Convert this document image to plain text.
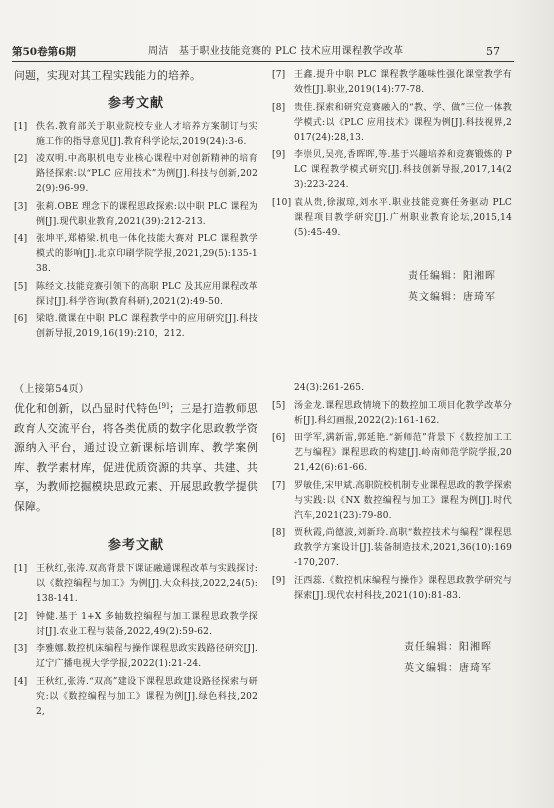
第50卷第6期	周洁　基于职业技能竞赛的 PLC 技术应用课程教学改革	57

问题，实现对其工程实践能力的培养。

参考文献
[1] 佚名.教育部关于职业院校专业人才培养方案制订与实施工作的指导意见[J].教育科学论坛,2019(24):3-6.
[2] 凌双明.中高职机电专业核心课程中对创新精神的培育路径探索:以“PLC 应用技术”为例[J].科技与创新,2022(9):96-99.
[3] 张莉.OBE 理念下的课程思政探索:以中职 PLC 课程为例[J].现代职业教育,2021(39):212-213.
[4] 张坤平,郑椿梁.机电一体化技能大赛对 PLC 课程教学模式的影响[J].北京印刷学院学报,2021,29(5):135-138.
[5] 陈经文.技能竞赛引领下的高职 PLC 及其应用课程改革探讨[J].科学咨询(教育科研),2021(2):49-50.
[6] 梁晗.微课在中职 PLC 课程教学中的应用研究[J].科技创新导报,2019,16(19):210，212.
[7] 王鑫.提升中职 PLC 课程教学趣味性强化课堂教学有效性[J].职业,2019(14):77-78.
[8] 贵佳.探索和研究竞赛融入的“教、学、做”三位一体教学模式:以《PLC 应用技术》课程为例[J].科技视界,2017(24):28,13.
[9] 李崇贝,吴亮,香晖晖,等.基于兴趣培养和竞赛锻炼的 PLC 课程教学模式研究[J].科技创新导报,2017,14(23):223-224.
[10] 袁从贵,徐淑琼,刘水平.职业技能竞赛任务驱动 PLC 课程项目教学研究[J].广州职业教育论坛,2015,14(5):45-49.
责任编辑：阳湘晖
英文编辑：唐琦军

（上接第54页）

优化和创新，以凸显时代特色[9]；三是打造教师思政育人交流平台，将各类优质的数字化思政教学资源纳入平台，通过设立新课标培训库、教学案例库、教学素材库，促进优质资源的共享、共建、共享，为教师挖掘模块思政元素、开展思政教学提供保障。

参考文献
[1] 王秋红,张涛.双高背景下课证融通课程改革与实践探讨:以《数控编程与加工》为例[J].大众科技,2022,24(5):138-141.
[2] 钟健.基于 1+X 多轴数控编程与加工课程思政教学探讨[J].农业工程与装备,2022,49(2):59-62.
[3] 李雅娜.数控机床编程与操作课程思政实践路径研究[J].辽宁广播电视大学学报,2022(1):21-24.
[4] 王秋红,张涛.“双高”建设下课程思政建设路径探索与研究:以《数控编程与加工》课程为例[J].绿色科技,2022,
24(3):261-265.
[5] 汤金龙.课程思政情境下的数控加工项目化教学改革分析[J].科幻画报,2022(2):161-162.
[6] 田学军,满新雷,郭延艳.“新师范”背景下《数控加工工艺与编程》课程思政的构建[J].岭南师范学院学报,2021,42(6):61-66.
[7] 罗敏佳,宋甲斌.高职院校机制专业课程思政的教学探索与实践:以《NX 数控编程与加工》课程为例[J].时代汽车,2021(23):79-80.
[8] 贾秋霞,尚德波,刘新玲.高职“数控技术与编程”课程思政教学方案设计[J].装备制造技术,2021,36(10):169-170,207.
[9] 汪西蕊.《数控机床编程与操作》课程思政教学研究与探索[J].现代农村科技,2021(10):81-83.
责任编辑：阳湘晖
英文编辑：唐琦军
